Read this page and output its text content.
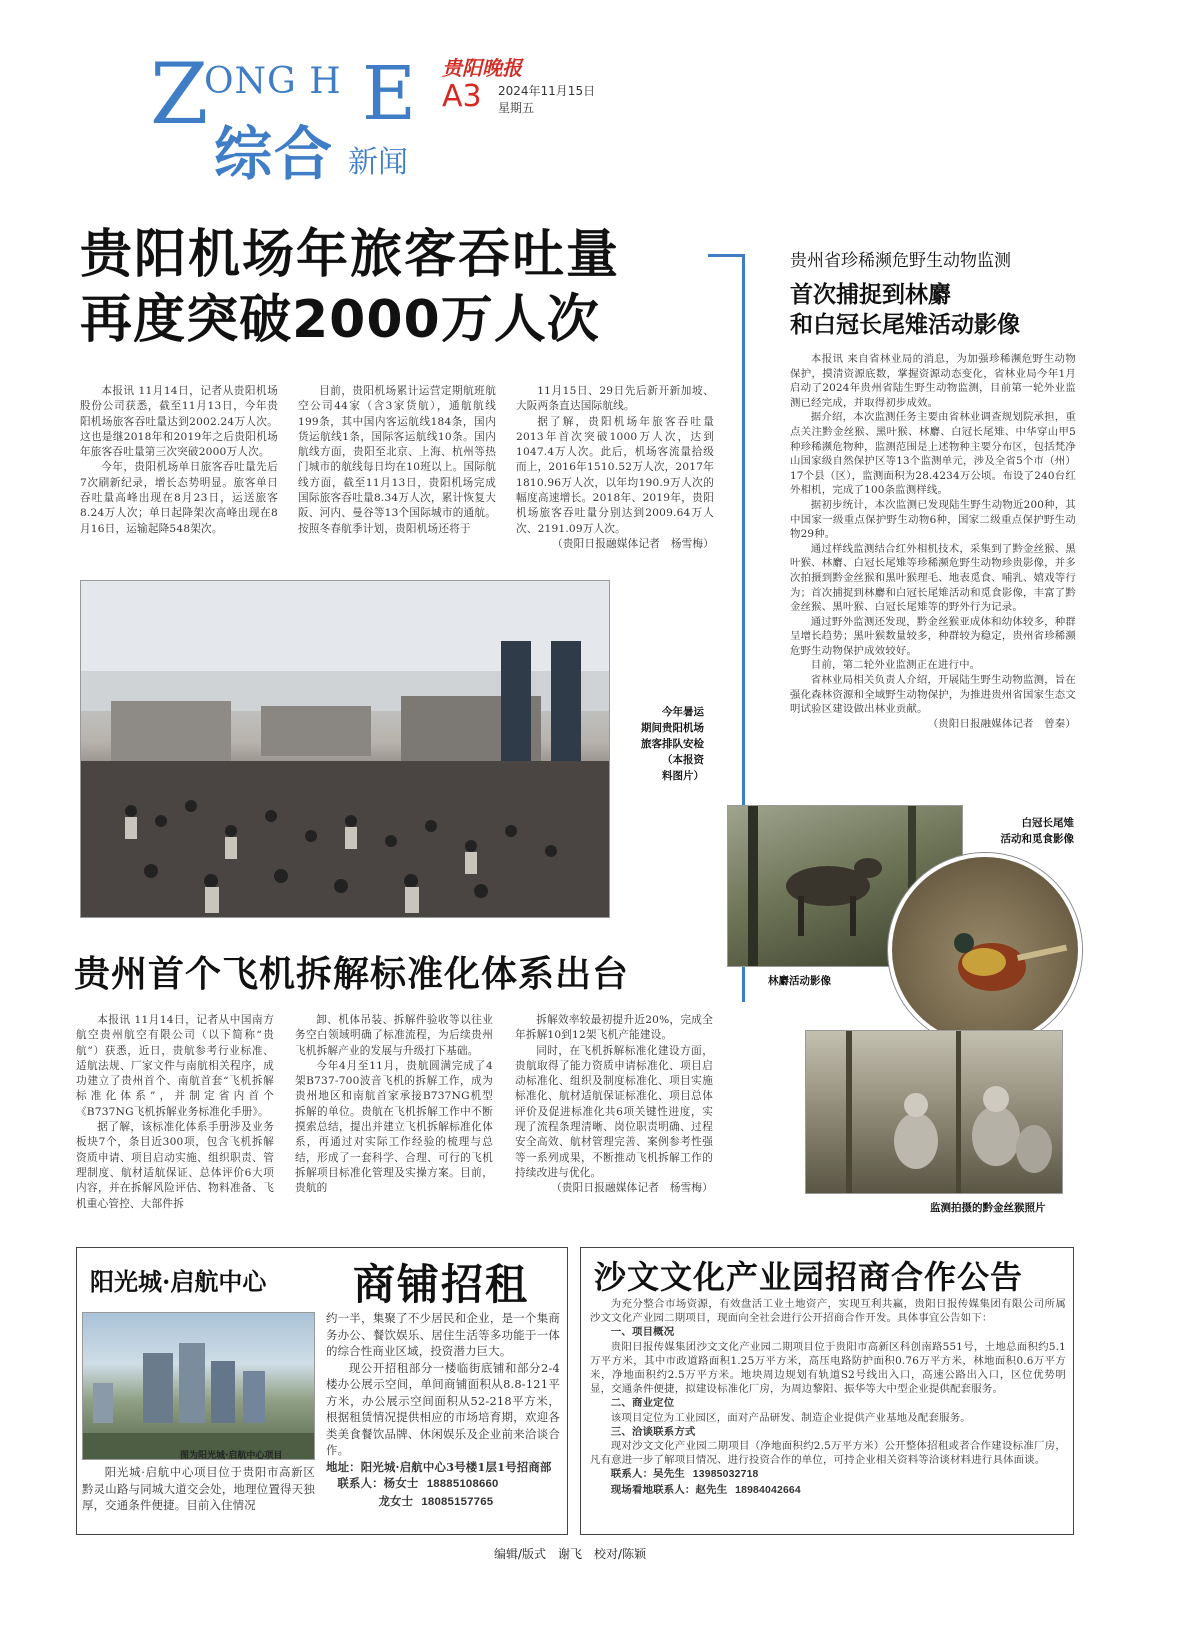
Z
ONG H E
综合 新闻
贵阳晚报
A3 2024年11月15日
星期五
贵阳机场年旅客吞吐量
再度突破2000万人次

本报讯 11月14日，记者从贵阳机场股份公司获悉，截至11月13日，今年贵阳机场旅客吞吐量达到2002.24万人次。这也是继2018年和2019年之后贵阳机场年旅客吞吐量第三次突破2000万人次。

今年，贵阳机场单日旅客吞吐量先后7次刷新纪录，增长态势明显。旅客单日吞吐量高峰出现在8月23日，运送旅客8.24万人次；单日起降架次高峰出现在8月16日，运输起降548架次。

目前，贵阳机场累计运营定期航班航空公司44家（含3家货航），通航航线199条，其中国内客运航线184条，国内货运航线1条，国际客运航线10条。国内航线方面，贵阳至北京、上海、杭州等热门城市的航线每日均在10班以上。国际航线方面，截至11月13日，贵阳机场完成国际旅客吞吐量8.34万人次，累计恢复大阪、河内、曼谷等13个国际城市的通航。按照冬春航季计划，贵阳机场还将于

11月15日、29日先后新开新加坡、大阪两条直达国际航线。

据了解，贵阳机场年旅客吞吐量2013年首次突破1000万人次，达到1047.4万人次。此后，机场客流量拾级而上，2016年1510.52万人次，2017年1810.96万人次，以年均190.9万人次的幅度高速增长。2018年、2019年，贵阳机场旅客吞吐量分别达到2009.64万人次、2191.09万人次。

（贵阳日报融媒体记者　杨雪梅）

今年暑运
期间贵阳机场
旅客排队安检
（本报资
料图片）
贵州省珍稀濒危野生动物监测
首次捕捉到林麝
和白冠长尾雉活动影像

本报讯 来自省林业局的消息，为加强珍稀濒危野生动物保护，摸清资源底数，掌握资源动态变化，省林业局今年1月启动了2024年贵州省陆生野生动物监测，目前第一轮外业监测已经完成，并取得初步成效。

据介绍，本次监测任务主要由省林业调查规划院承担，重点关注黔金丝猴、黑叶猴、林麝、白冠长尾雉、中华穿山甲5种珍稀濒危物种，监测范围是上述物种主要分布区，包括梵净山国家级自然保护区等13个监测单元，涉及全省5个市（州）17个县（区），监测面积为28.4234万公顷。布设了240台红外相机，完成了100条监测样线。

据初步统计，本次监测已发现陆生野生动物近200种，其中国家一级重点保护野生动物6种，国家二级重点保护野生动物29种。

通过样线监测结合红外相机技术，采集到了黔金丝猴、黑叶猴、林麝、白冠长尾雉等珍稀濒危野生动物珍贵影像，并多次拍摄到黔金丝猴和黑叶猴理毛、地表觅食、哺乳、嬉戏等行为；首次捕捉到林麝和白冠长尾雉活动和觅食影像，丰富了黔金丝猴、黑叶猴、白冠长尾雉等的野外行为记录。

通过野外监测还发现，黔金丝猴亚成体和幼体较多，种群呈增长趋势；黑叶猴数量较多，种群较为稳定，贵州省珍稀濒危野生动物保护成效较好。

目前，第二轮外业监测正在进行中。

省林业局相关负责人介绍，开展陆生野生动物监测，旨在强化森林资源和全域野生动物保护，为推进贵州省国家生态文明试验区建设做出林业贡献。

（贵阳日报融媒体记者　曾秦）

林麝活动影像
白冠长尾雉
活动和觅食影像
监测拍摄的黔金丝猴照片
贵州首个飞机拆解标准化体系出台

本报讯 11月14日，记者从中国南方航空贵州航空有限公司（以下简称“贵航”）获悉，近日，贵航参考行业标准、适航法规、厂家文件与南航相关程序，成功建立了贵州首个、南航首套“飞机拆解标准化体系”，并制定省内首个《B737NG飞机拆解业务标准化手册》。

据了解，该标准化体系手册涉及业务板块7个，条目近300项，包含飞机拆解资质申请、项目启动实施、组织职责、管理制度、航材适航保证、总体评价6大项内容，并在拆解风险评估、物料准备、飞机重心管控、大部件拆

卸、机体吊装、拆解件验收等以往业务空白领域明确了标准流程，为后续贵州飞机拆解产业的发展与升级打下基础。

今年4月至11月，贵航圆满完成了4架B737-700波音飞机的拆解工作，成为贵州地区和南航首家承接B737NG机型拆解的单位。贵航在飞机拆解工作中不断摸索总结，提出并建立飞机拆解标准化体系，再通过对实际工作经验的梳理与总结，形成了一套科学、合理、可行的飞机拆解项目标准化管理及实操方案。目前，贵航的

拆解效率较最初提升近20%，完成全年拆解10到12架飞机产能建设。

同时，在飞机拆解标准化建设方面，贵航取得了能力资质申请标准化、项目启动标准化、组织及制度标准化、项目实施标准化、航材适航保证标准化、项目总体评价及促进标准化共6项关键性进度，实现了流程条理清晰、岗位职责明确、过程安全高效、航材管理完善、案例参考性强等一系列成果，不断推动飞机拆解工作的持续改进与优化。

（贵阳日报融媒体记者　杨雪梅）

阳光城·启航中心 商铺招租
图为阳光城·启航中心项目

阳光城·启航中心项目位于贵阳市高新区黔灵山路与同城大道交会处，地理位置得天独厚，交通条件便捷。目前入住情况

约一半，集聚了不少居民和企业，是一个集商务办公、餐饮娱乐、居住生活等多功能于一体的综合性商业区域，投资潜力巨大。

现公开招租部分一楼临街底铺和部分2-4楼办公展示空间，单间商铺面积从8.8-121平方米，办公展示空间面积从52-218平方米，根据租赁情况提供相应的市场培育期，欢迎各类美食餐饮品牌、休闲娱乐及企业前来洽谈合作。

地址：阳光城·启航中心3号楼1层1号招商部

联系人：杨女士 18885108660

龙女士 18085157765

沙文文化产业园招商合作公告

为充分整合市场资源，有效盘活工业土地资产，实现互利共赢，贵阳日报传媒集团有限公司所属沙文文化产业园二期项目，现面向全社会进行公开招商合作开发。具体事宜公告如下：

一、项目概况

贵阳日报传媒集团沙文文化产业园二期项目位于贵阳市高新区科创南路551号，土地总面积约5.1万平方米，其中市政道路面积1.25万平方米，高压电路防护面积0.76万平方米，林地面积0.6万平方米，净地面积约2.5万平方米。地块周边规划有轨道S2号线出入口，高速公路出入口，区位优势明显，交通条件便捷，拟建设标准化厂房，为周边黎阳、振华等大中型企业提供配套服务。

二、商业定位

该项目定位为工业园区，面对产品研发、制造企业提供产业基地及配套服务。

三、洽谈联系方式

现对沙文文化产业园二期项目（净地面积约2.5万平方米）公开整体招租或者合作建设标准厂房，凡有意进一步了解项目情况、进行投资合作的单位，可持企业相关资料等洽谈材料进行具体面谈。

联系人：吴先生 13985032718

现场看地联系人：赵先生 18984042664

编辑/版式　谢飞　校对/陈颖
